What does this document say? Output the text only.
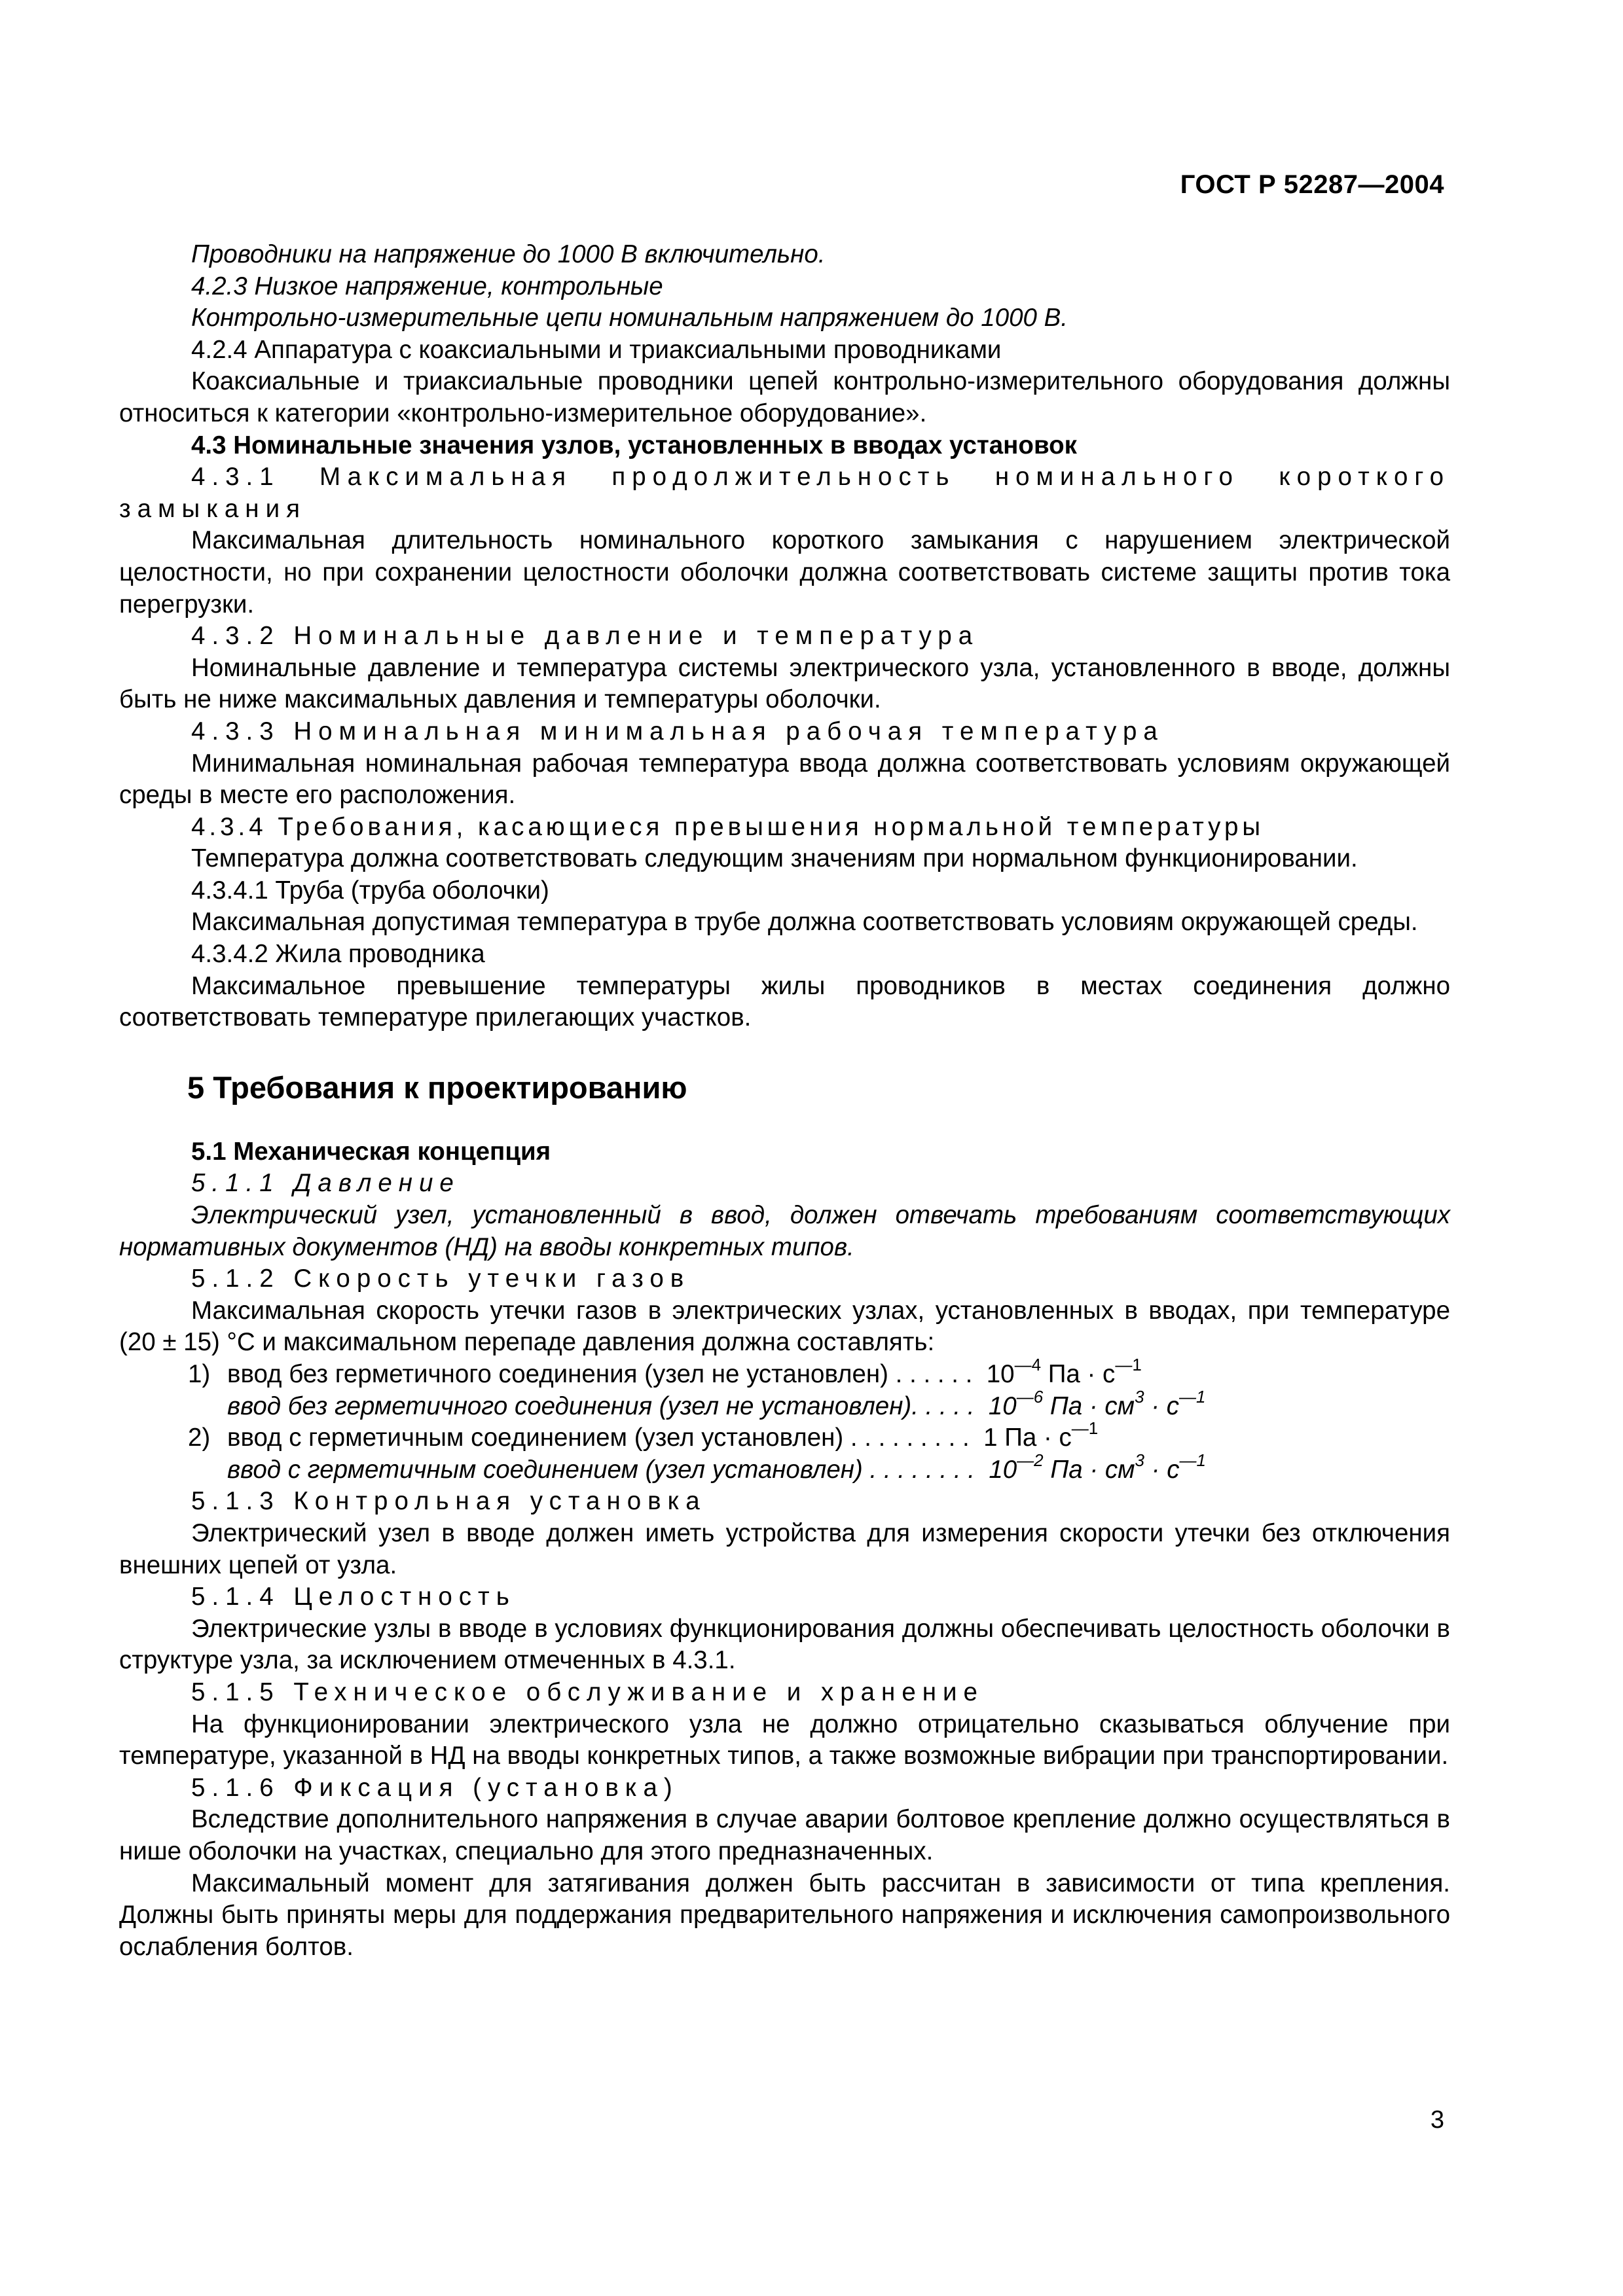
ГОСТ Р 52287—2004

Проводники на напряжение до 1000 В включительно.

4.2.3 Низкое напряжение, контрольные

Контрольно-измерительные цепи номинальным напряжением до 1000 В.

4.2.4 Аппаратура с коаксиальными и триаксиальными проводниками

Коаксиальные и триаксиальные проводники цепей контрольно-измерительного оборудования должны относиться к категории «контрольно-измерительное оборудование».

4.3 Номинальные значения узлов, установленных в вводах установок

4.3.1 Максимальная продолжительность номинального короткого замыкания

Максимальная длительность номинального короткого замыкания с нарушением электрической целостности, но при сохранении целостности оболочки должна соответствовать системе защиты против тока перегрузки.

4.3.2 Номинальные давление и температура

Номинальные давление и температура системы электрического узла, установленного в вводе, должны быть не ниже максимальных давления и температуры оболочки.

4.3.3 Номинальная минимальная рабочая температура

Минимальная номинальная рабочая температура ввода должна соответствовать условиям окружающей среды в месте его расположения.

4.3.4 Требования, касающиеся превышения нормальной температуры

Температура должна соответствовать следующим значениям при нормальном функционировании.

4.3.4.1 Труба (труба оболочки)

Максимальная допустимая температура в трубе должна соответствовать условиям окружающей среды.

4.3.4.2 Жила проводника

Максимальное превышение температуры жилы проводников в местах соединения должно соответствовать температуре прилегающих участков.

5 Требования к проектированию

5.1 Механическая концепция

5.1.1 Давление

Электрический узел, установленный в ввод, должен отвечать требованиям соответствующих нормативных документов (НД) на вводы конкретных типов.

5.1.2 Скорость утечки газов

Максимальная скорость утечки газов в электрических узлах, установленных в вводах, при температуре (20 ± 15) °С и максимальном перепаде давления должна составлять:

1) ввод без герметичного соединения (узел не установлен) . . . . . . $10^{—4}$ Па · $с^{—1}$

ввод без герметичного соединения (узел не установлен). . . . . $10^{—6}$ Па · $см^3 \cdot с^{—1}$

2) ввод с герметичным соединением (узел установлен) . . . . . . . . . 1 Па · $с^{—1}$

ввод с герметичным соединением (узел установлен) . . . . . . . . $10^{—2}$ Па · $см^3 \cdot с^{—1}$

5.1.3 Контрольная установка

Электрический узел в вводе должен иметь устройства для измерения скорости утечки без отключения внешних цепей от узла.

5.1.4 Целостность

Электрические узлы в вводе в условиях функционирования должны обеспечивать целостность оболочки в структуре узла, за исключением отмеченных в 4.3.1.

5.1.5 Техническое обслуживание и хранение

На функционировании электрического узла не должно отрицательно сказываться облучение при температуре, указанной в НД на вводы конкретных типов, а также возможные вибрации при транспортировании.

5.1.6 Фиксация (установка)

Вследствие дополнительного напряжения в случае аварии болтовое крепление должно осуществляться в нише оболочки на участках, специально для этого предназначенных.

Максимальный момент для затягивания должен быть рассчитан в зависимости от типа крепления. Должны быть приняты меры для поддержания предварительного напряжения и исключения самопроизвольного ослабления болтов.

3
